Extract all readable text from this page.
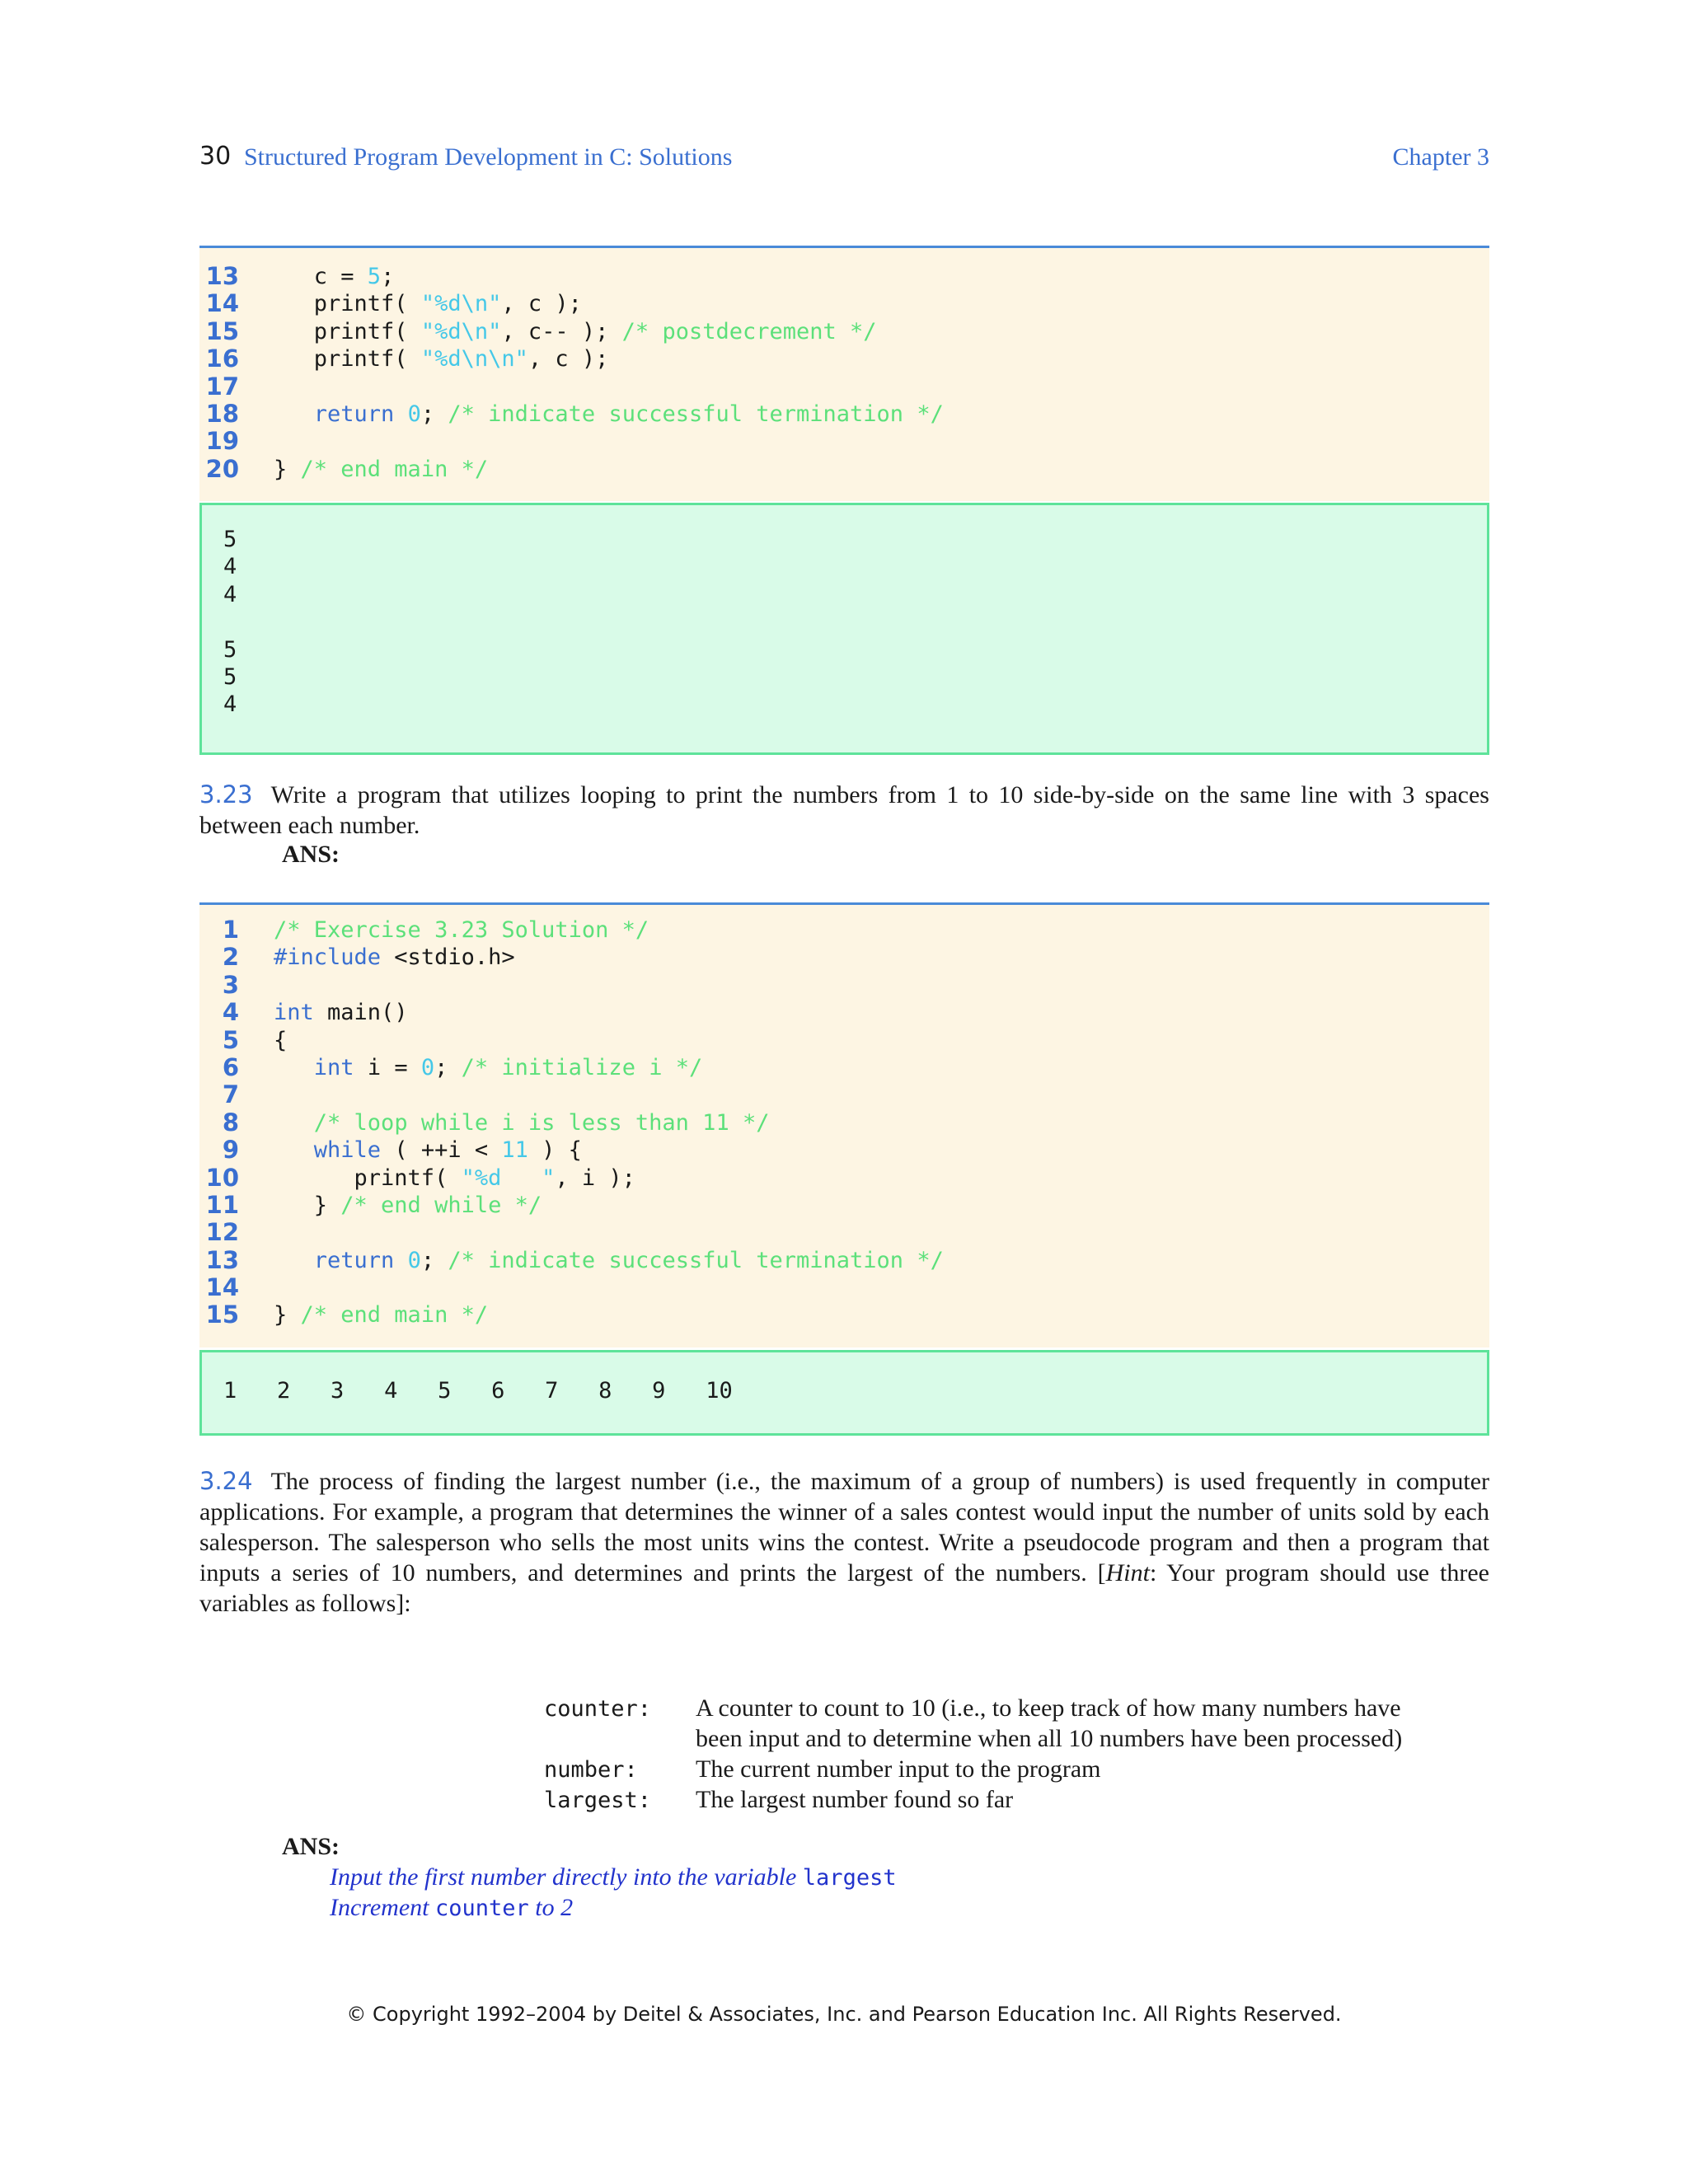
30 Structured Program Development in C: Solutions	Chapter 3
13 c = 5;
14 printf( "%d\n", c );
15 printf( "%d\n", c-- ); /* postdecrement */
16 printf( "%d\n\n", c );
17
18	return 0; /* indicate successful termination */
19
20 } /* end main */
5
4
4
5
5
4
3.23 Write a program that utilizes looping to print the numbers from 1 to 10 side-by-side on the same line with 3 spaces between each number.
ANS:
1 /* Exercise 3.23 Solution */
2 #include <stdio.h>
3
4 int main()
5 {
6	int i = 0; /* initialize i */
7
8	/* loop while i is less than 11 */
9	while ( ++i < 11 ) {
10 printf( "%d   ", i );
11 } /* end while */
12
13	return 0; /* indicate successful termination */
14
15 } /* end main */
1   2   3   4   5   6   7   8   9   10
3.24 The process of finding the largest number (i.e., the maximum of a group of numbers) is used frequently in computer applications. For example, a program that determines the winner of a sales contest would input the number of units sold by each salesperson. The salesperson who sells the most units wins the contest. Write a pseudocode program and then a program that inputs a series of 10 numbers, and determines and prints the largest of the numbers. [Hint: Your program should use three variables as follows]:
counter: A counter to count to 10 (i.e., to keep track of how many numbers have been input and to determine when all 10 numbers have been processed)
number: The current number input to the program
largest: The largest number found so far
ANS:
Input the first number directly into the variable largest
Increment counter to 2
© Copyright 1992–2004 by Deitel & Associates, Inc. and Pearson Education Inc. All Rights Reserved.
